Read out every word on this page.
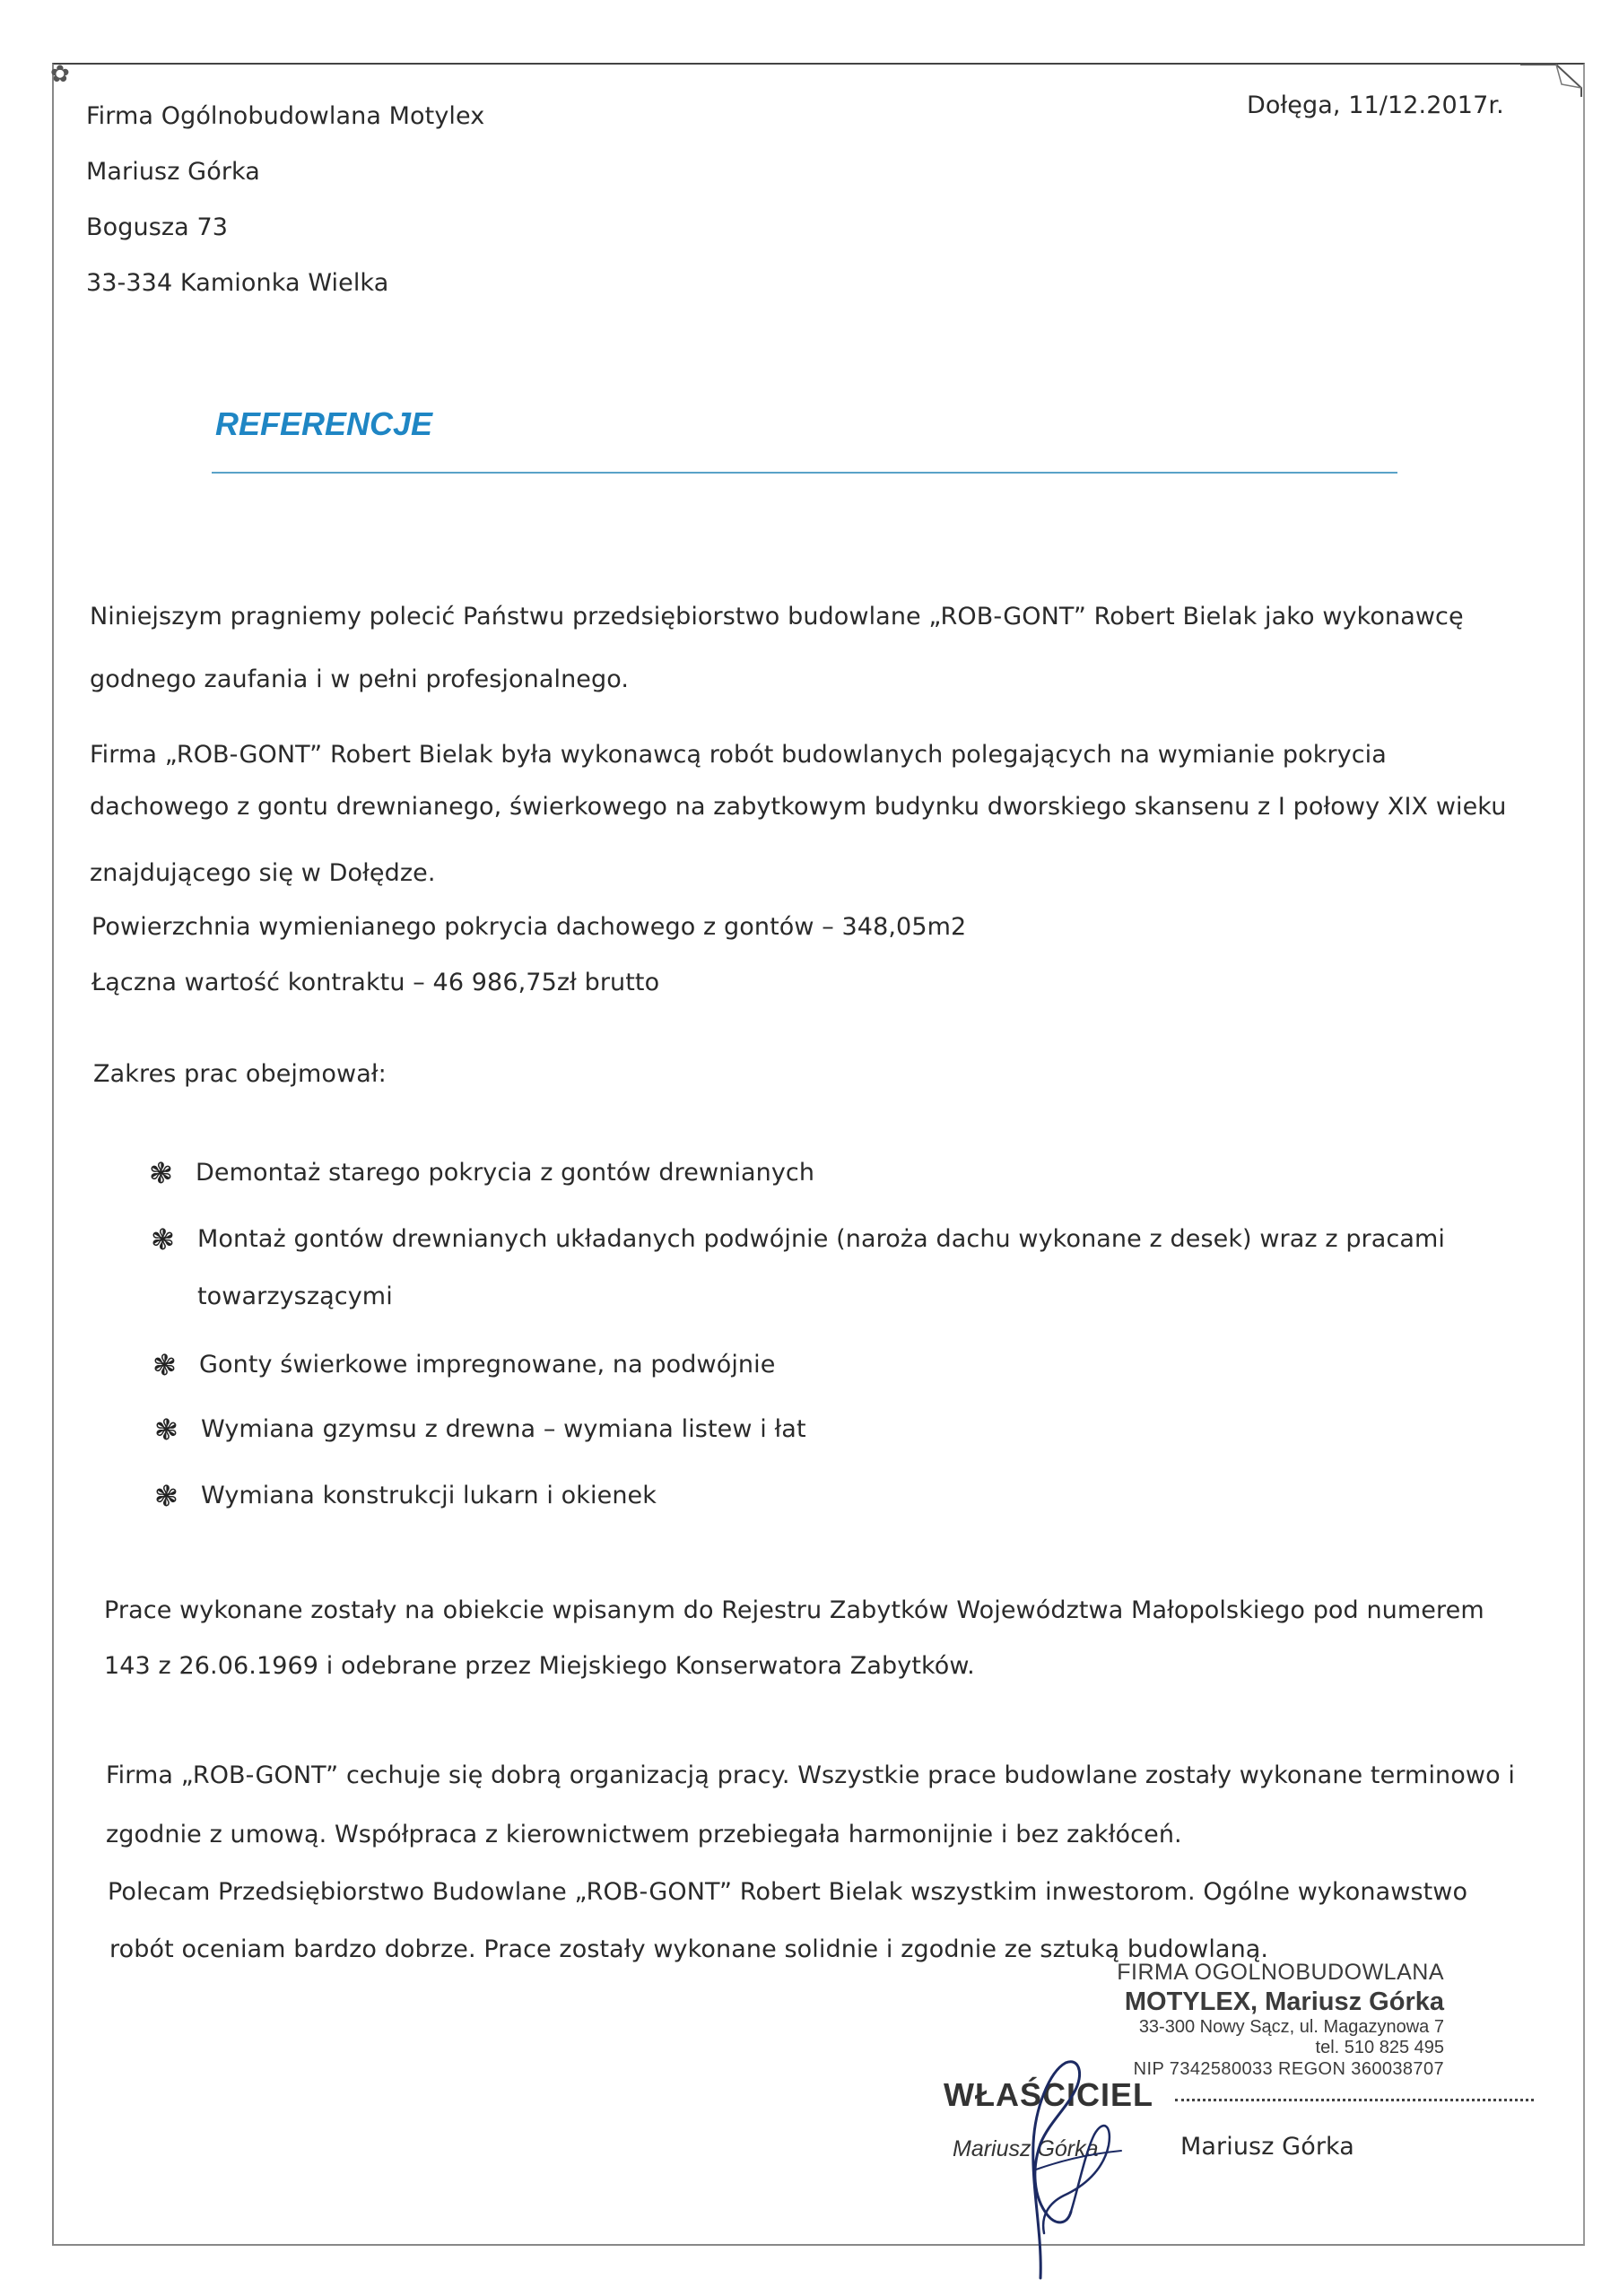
✿
Firma Ogólnobudowlana Motylex
Mariusz Górka
Bogusza 73
33-334 Kamionka Wielka
Dołęga, 11/12.2017r.
REFERENCJE
Niniejszym pragniemy polecić Państwu przedsiębiorstwo budowlane „ROB-GONT” Robert Bielak jako wykonawcę
godnego zaufania i w pełni profesjonalnego.
Firma „ROB-GONT” Robert Bielak była wykonawcą robót budowlanych polegających na wymianie pokrycia
dachowego z gontu drewnianego, świerkowego na zabytkowym budynku dworskiego skansenu z I połowy XIX wieku
znajdującego się w Dołędze.
Powierzchnia wymienianego pokrycia dachowego z gontów – 348,05m2
Łączna wartość kontraktu – 46 986,75zł brutto
Zakres prac obejmował:
❃ Demontaż starego pokrycia z gontów drewnianych
❃ Montaż gontów drewnianych układanych podwójnie (naroża dachu wykonane z desek) wraz z pracami
towarzyszącymi
❃ Gonty świerkowe impregnowane, na podwójnie
❃ Wymiana gzymsu z drewna – wymiana listew i łat
❃ Wymiana konstrukcji lukarn i okienek
Prace wykonane zostały na obiekcie wpisanym do Rejestru Zabytków Województwa Małopolskiego pod numerem
143 z 26.06.1969 i odebrane przez Miejskiego Konserwatora Zabytków.
Firma „ROB-GONT” cechuje się dobrą organizacją pracy. Wszystkie prace budowlane zostały wykonane terminowo i
zgodnie z umową. Współpraca z kierownictwem przebiegała harmonijnie i bez zakłóceń.
Polecam Przedsiębiorstwo Budowlane „ROB-GONT” Robert Bielak wszystkim inwestorom. Ogólne wykonawstwo
robót oceniam bardzo dobrze. Prace zostały wykonane solidnie i zgodnie ze sztuką budowlaną.
FIRMA OGOLNOBUDOWLANA
MOTYLEX, Mariusz Górka
33-300 Nowy Sącz, ul. Magazynowa 7
tel. 510 825 495
NIP 7342580033 REGON 360038707
WŁAŚCICIEL
Mariusz Górka	Mariusz Górka
